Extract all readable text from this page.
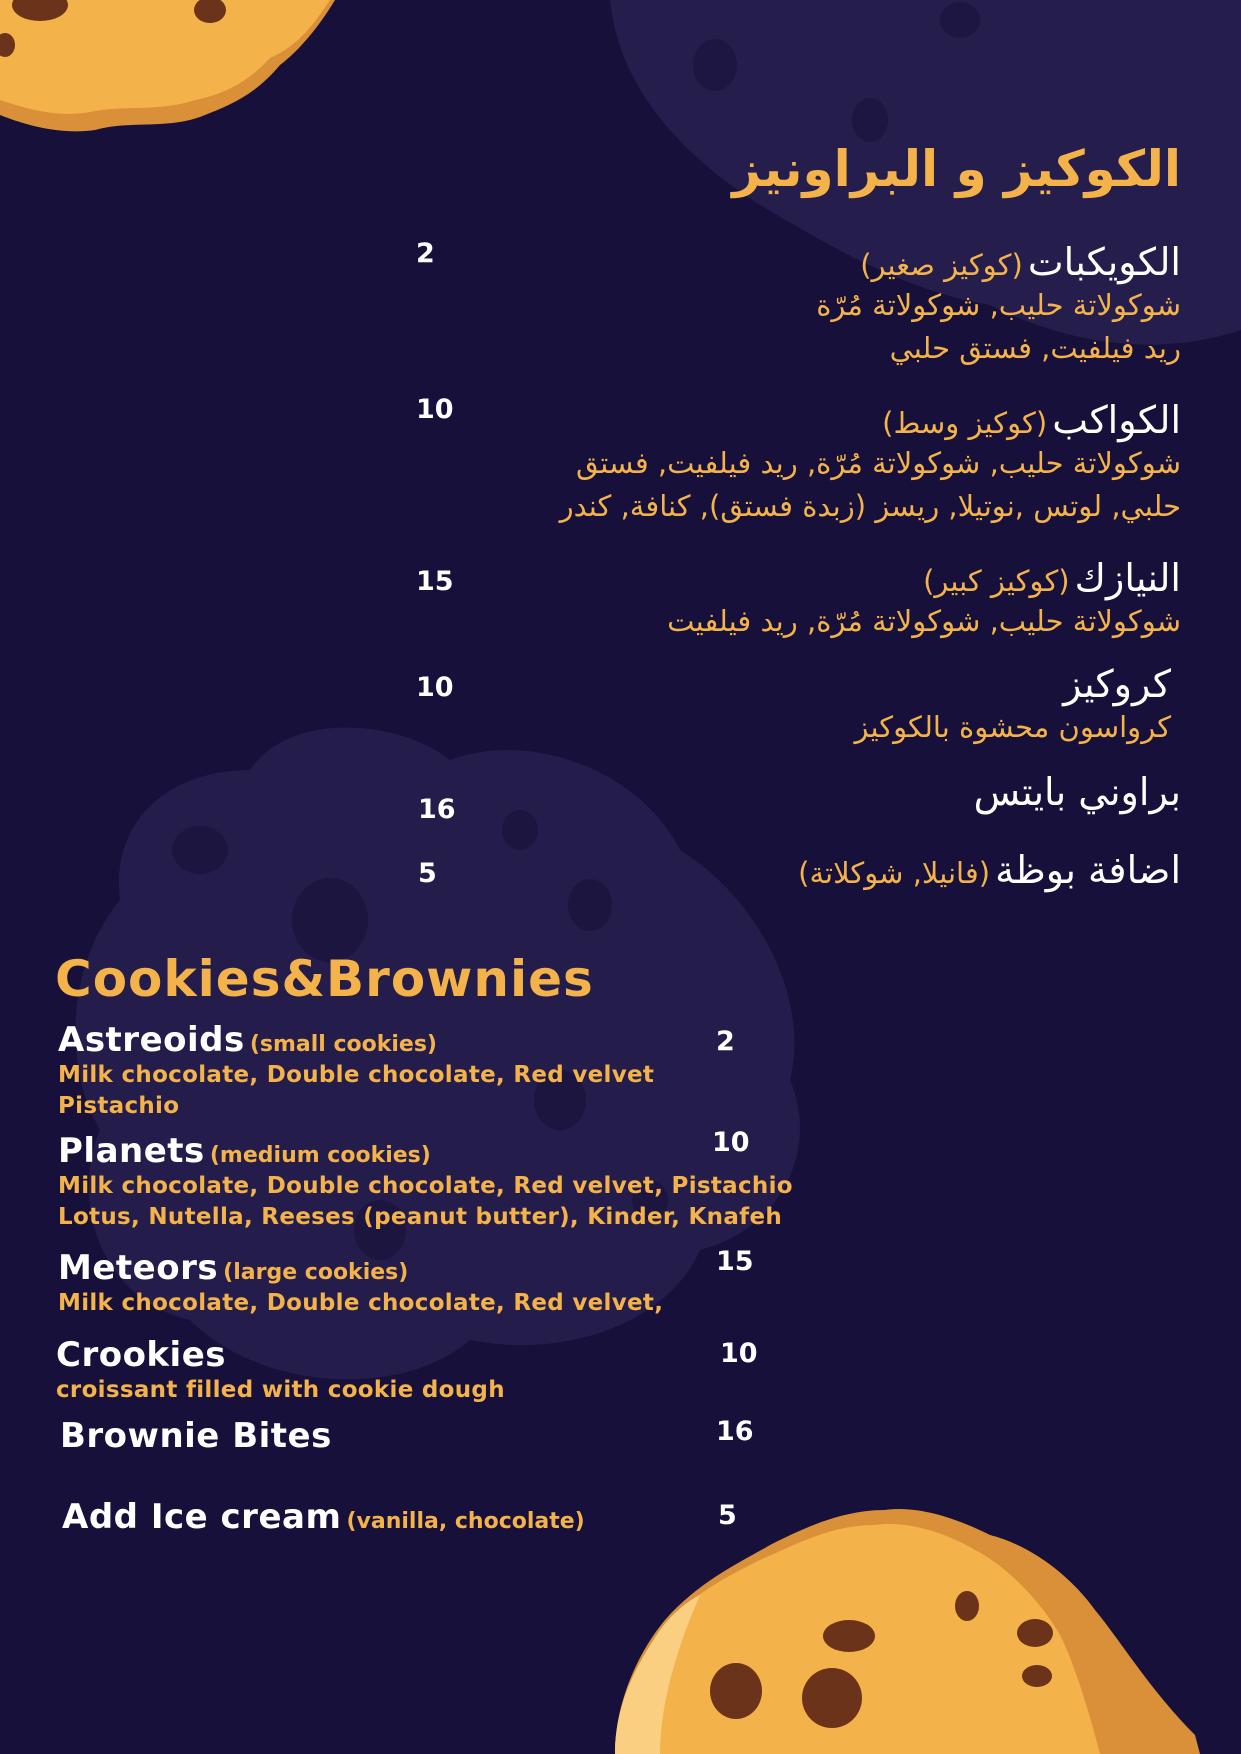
الكوكيز و البراونيز
الكويكبات (كوكيز صغير)
شوكولاتة حليب, شوكولاتة مُرّة
ريد فيلفيت, فستق حلبي
2
الكواكب (كوكيز وسط)
شوكولاتة حليب, شوكولاتة مُرّة, ريد فيلفيت, فستق
حلبي, لوتس ,نوتيلا, ريسز (زبدة فستق), كنافة, كندر
10
النيازك (كوكيز كبير)
شوكولاتة حليب, شوكولاتة مُرّة, ريد فيلفيت
15
كروكيز
كرواسون محشوة بالكوكيز
10
براوني بايتس
16
اضافة بوظة (فانيلا, شوكلاتة)
5
Cookies&Brownies
Astreoids (small cookies)
Milk chocolate, Double chocolate, Red velvet
Pistachio
2
Planets (medium cookies)
Milk chocolate, Double chocolate, Red velvet, Pistachio
Lotus, Nutella, Reeses (peanut butter), Kinder, Knafeh
10
Meteors (large cookies)
Milk chocolate, Double chocolate, Red velvet,
15
Crookies
croissant filled with cookie dough
10
Brownie Bites	16
Add Ice cream (vanilla, chocolate)	5
